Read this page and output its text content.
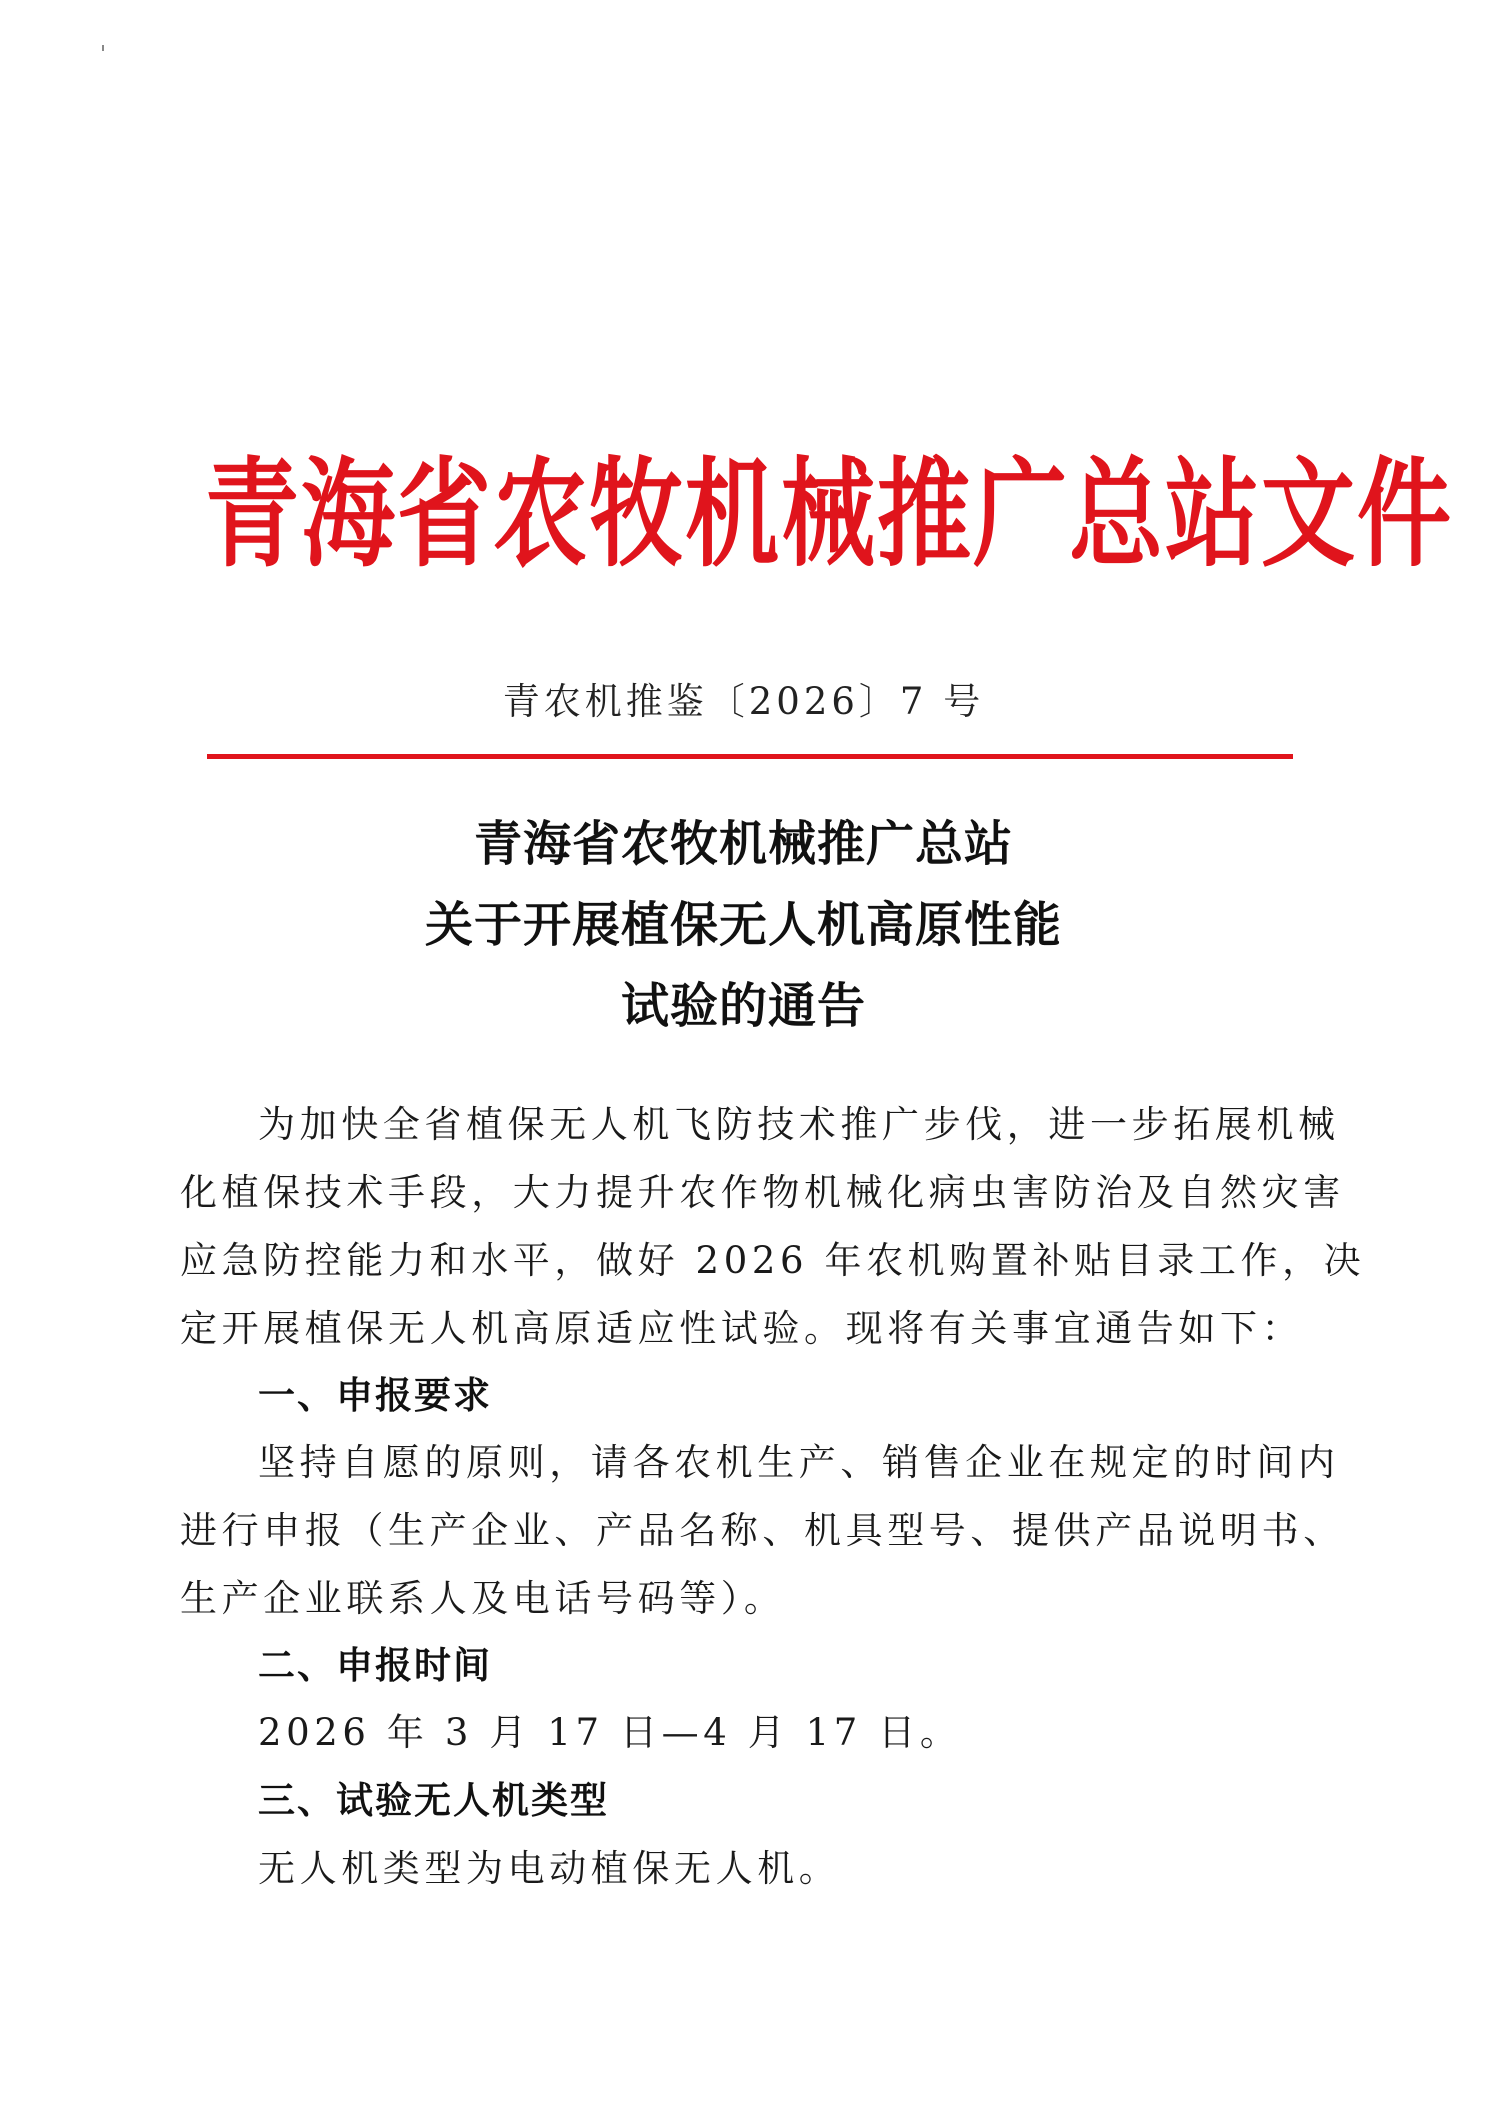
青海省农牧机械推广总站文件
青农机推鉴〔2026〕7 号
青海省农牧机械推广总站
关于开展植保无人机高原性能
试验的通告
为加快全省植保无人机飞防技术推广步伐，进一步拓展机械
化植保技术手段，大力提升农作物机械化病虫害防治及自然灾害
应急防控能力和水平，做好 2026 年农机购置补贴目录工作，决
定开展植保无人机高原适应性试验。现将有关事宜通告如下：
一、申报要求
坚持自愿的原则，请各农机生产、销售企业在规定的时间内
进行申报（生产企业、产品名称、机具型号、提供产品说明书、
生产企业联系人及电话号码等）。
二、申报时间
2026 年 3 月 17 日—4 月 17 日。
三、试验无人机类型
无人机类型为电动植保无人机。
